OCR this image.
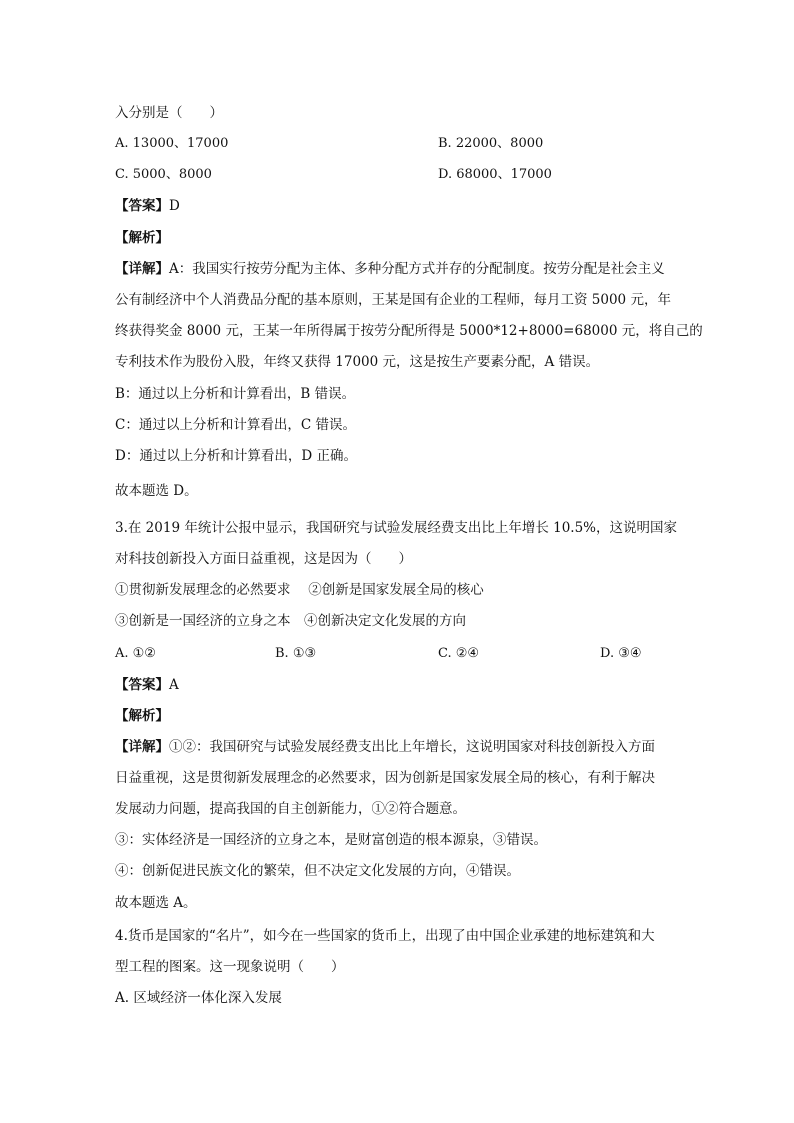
入分别是（　　）
A. 13000、17000	B. 22000、8000
C. 5000、8000	D. 68000、17000
【答案】D
【解析】
【详解】A：我国实行按劳分配为主体、多种分配方式并存的分配制度。按劳分配是社会主义
公有制经济中个人消费品分配的基本原则，王某是国有企业的工程师，每月工资 5000 元，年
终获得奖金 8000 元，王某一年所得属于按劳分配所得是 5000*12+8000=68000 元，将自己的
专利技术作为股份入股，年终又获得 17000 元，这是按生产要素分配，A 错误。
B：通过以上分析和计算看出，B 错误。
C：通过以上分析和计算看出，C 错误。
D：通过以上分析和计算看出，D 正确。
故本题选 D。
3.在 2019 年统计公报中显示，我国研究与试验发展经费支出比上年增长 10.5%，这说明国家
对科技创新投入方面日益重视，这是因为（　　）
①贯彻新发展理念的必然要求　 ②创新是国家发展全局的核心
③创新是一国经济的立身之本　④创新决定文化发展的方向
A. ①②	B. ①③	C. ②④	D. ③④
【答案】A
【解析】
【详解】①②：我国研究与试验发展经费支出比上年增长，这说明国家对科技创新投入方面
日益重视，这是贯彻新发展理念的必然要求，因为创新是国家发展全局的核心，有利于解决
发展动力问题，提高我国的自主创新能力，①②符合题意。
③：实体经济是一国经济的立身之本，是财富创造的根本源泉，③错误。
④：创新促进民族文化的繁荣，但不决定文化发展的方向，④错误。
故本题选 A。
4.货币是国家的“名片”，如今在一些国家的货币上，出现了由中国企业承建的地标建筑和大
型工程的图案。这一现象说明（　　）
A. 区域经济一体化深入发展
